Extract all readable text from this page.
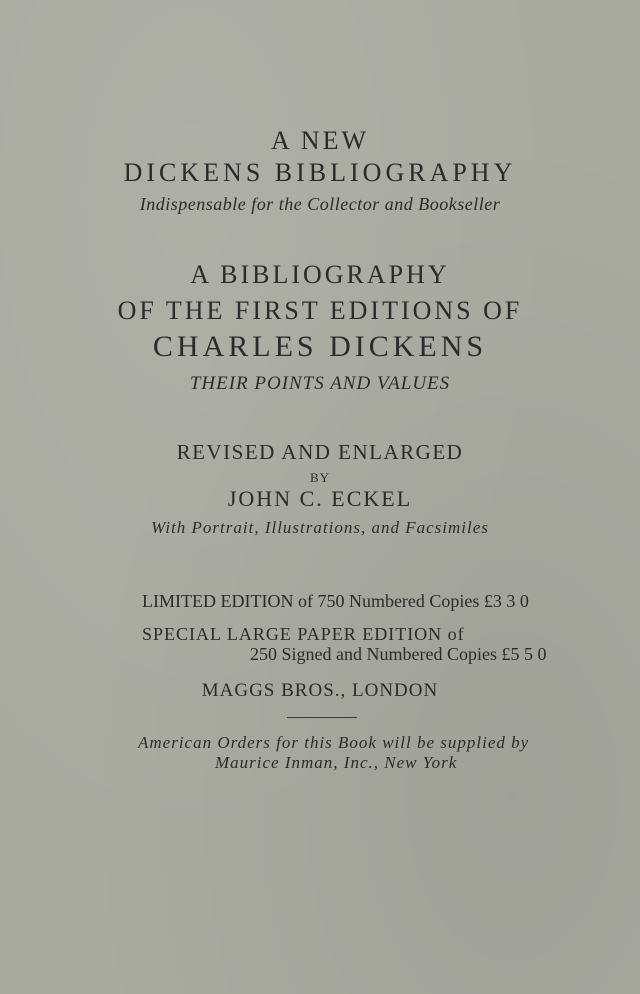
A NEW
DICKENS BIBLIOGRAPHY
Indispensable for the Collector and Bookseller
A BIBLIOGRAPHY
OF THE FIRST EDITIONS OF
CHARLES DICKENS
THEIR POINTS AND VALUES
REVISED AND ENLARGED
BY
JOHN C. ECKEL
With Portrait, Illustrations, and Facsimiles
LIMITED EDITION of 750 Numbered Copies £3 3 0
SPECIAL LARGE PAPER EDITION of
250 Signed and Numbered Copies £5 5 0
MAGGS BROS., LONDON
American Orders for this Book will be supplied by
Maurice Inman, Inc., New York
